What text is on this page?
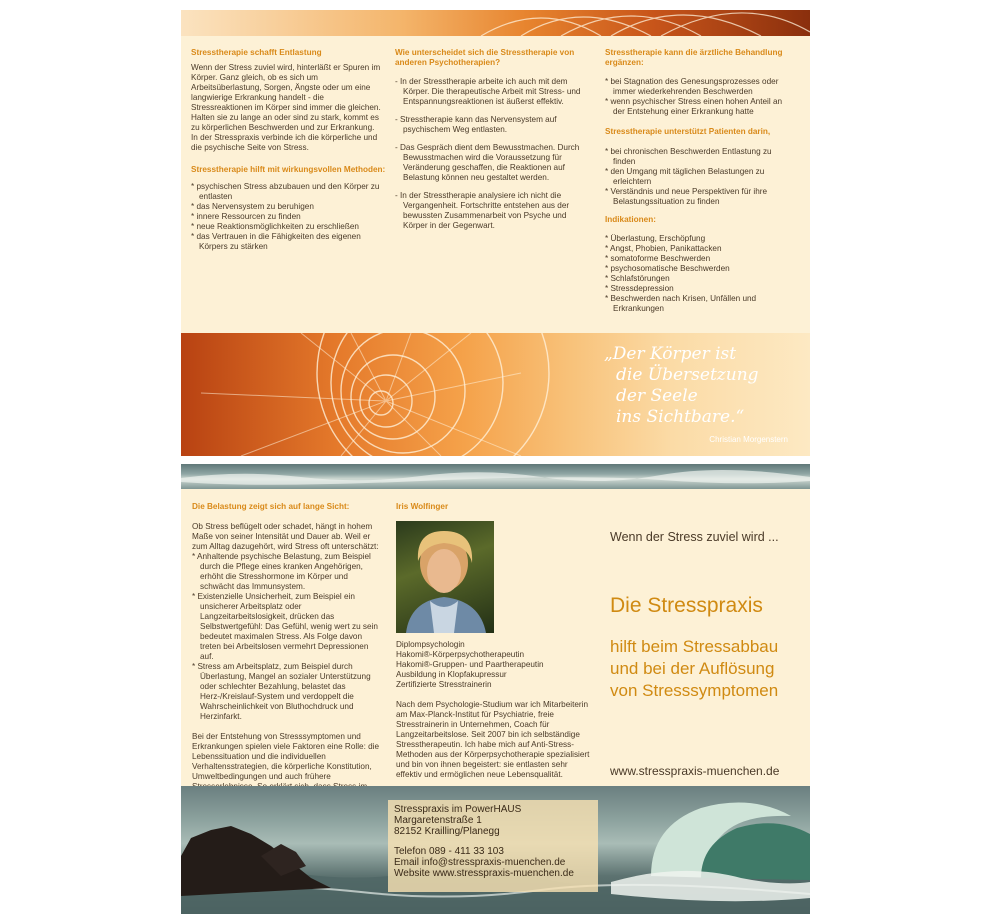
Stresstherapie schafft Entlastung

Wenn der Stress zuviel wird, hinterläßt er Spuren im Körper. Ganz gleich, ob es sich um Arbeitsüberlastung, Sorgen, Ängste oder um eine langwierige Erkrankung handelt - die Stressreaktionen im Körper sind immer die gleichen. Halten sie zu lange an oder sind zu stark, kommt es zu körperlichen Beschwerden und zur Erkrankung.

In der Stresspraxis verbinde ich die körperliche und die psychische Seite von Stress.

Stresstherapie hilft mit wirkungsvollen Methoden:

* psychischen Stress abzubauen und den Körper zu entlasten
* das Nervensystem zu beruhigen
* innere Ressourcen zu finden
* neue Reaktionsmöglichkeiten zu erschließen
* das Vertrauen in die Fähigkeiten des eigenen Körpers zu stärken

Wie unterscheidet sich die Stresstherapie von anderen Psychotherapien?

- In der Stresstherapie arbeite ich auch mit dem Körper. Die therapeutische Arbeit mit Stress- und Entspannungsreaktionen ist äußerst effektiv.
- Stresstherapie kann das Nervensystem auf psychischem Weg entlasten.
- Das Gespräch dient dem Bewusstmachen. Durch Bewusstmachen wird die Voraussetzung für Veränderung geschaffen, die Reaktionen auf Belastung können neu gestaltet werden.
- In der Stresstherapie analysiere ich nicht die Vergangenheit. Fortschritte entstehen aus der bewussten Zusammenarbeit von Psyche und Körper in der Gegenwart.

Stresstherapie kann die ärztliche Behandlung ergänzen:

* bei Stagnation des Genesungsprozesses oder immer wiederkehrenden Beschwerden
* wenn psychischer Stress einen hohen Anteil an der Entstehung einer Erkrankung hatte

Stresstherapie unterstützt Patienten darin,

* bei chronischen Beschwerden Entlastung zu finden
* den Umgang mit täglichen Belastungen zu erleichtern
* Verständnis und neue Perspektiven für ihre Belastungssituation zu finden

Indikationen:

* Überlastung, Erschöpfung
* Angst, Phobien, Panikattacken
* somatoforme Beschwerden
* psychosomatische Beschwerden
* Schlafstörungen
* Stressdepression
* Beschwerden nach Krisen, Unfällen und Erkrankungen
„Der Körper ist
die Übersetzung
der Seele
ins Sichtbare.“
Christian Morgenstern

Die Belastung zeigt sich auf lange Sicht:

Ob Stress beflügelt oder schadet, hängt in hohem Maße von seiner Intensität und Dauer ab. Weil er zum Alltag dazugehört, wird Stress oft unterschätzt:

* Anhaltende psychische Belastung, zum Beispiel durch die Pflege eines kranken Angehörigen, erhöht die Stresshormone im Körper und schwächt das Immunsystem.
* Existenzielle Unsicherheit, zum Beispiel ein unsicherer Arbeitsplatz oder Langzeitarbeitslosigkeit, drücken das Selbstwertgefühl: Das Gefühl, wenig wert zu sein bedeutet maximalen Stress. Als Folge davon treten bei Arbeitslosen vermehrt Depressionen auf.
* Stress am Arbeitsplatz, zum Beispiel durch Überlastung, Mangel an sozialer Unterstützung oder schlechter Bezahlung, belastet das Herz-/Kreislauf-System und verdoppelt die Wahrscheinlichkeit von Bluthochdruck und Herzinfarkt.

Bei der Entstehung von Stresssymptomen und Erkrankungen spielen viele Faktoren eine Rolle: die Lebenssituation und die individuellen Verhaltensstrategien, die körperliche Konstitution, Umweltbedingungen und auch frühere

Iris Wolfinger

Diplompsychologin
Hakomi®-Körperpsychotherapeutin
Hakomi®-Gruppen- und Paartherapeutin
Ausbildung in Klopfakupressur
Zertifizierte Stresstrainerin

Nach dem Psychologie-Studium war ich Mitarbeiterin am Max-Planck-Institut für Psychiatrie, freie Stresstrainerin in Unternehmen, Coach für Langzeitarbeitslose. Seit 2007 bin ich selbständige Stresstherapeutin. Ich habe mich auf Anti-Stress-Methoden aus der Körperpsychotherapie spezialisiert und bin von ihnen begeistert: sie entlasten sehr effektiv und ermöglichen neue Lebensqualität.

Wenn der Stress zuviel wird ...
Die Stresspraxis
hilft beim Stressabbau
und bei der Auflösung
von Stresssymptomen
www.stresspraxis-muenchen.de
Stresspraxis im PowerHAUS
Margaretenstraße 1
82152 Krailling/Planegg
Telefon 089 - 411 33 103
Email info@stresspraxis-muenchen.de
Website www.stresspraxis-muenchen.de
